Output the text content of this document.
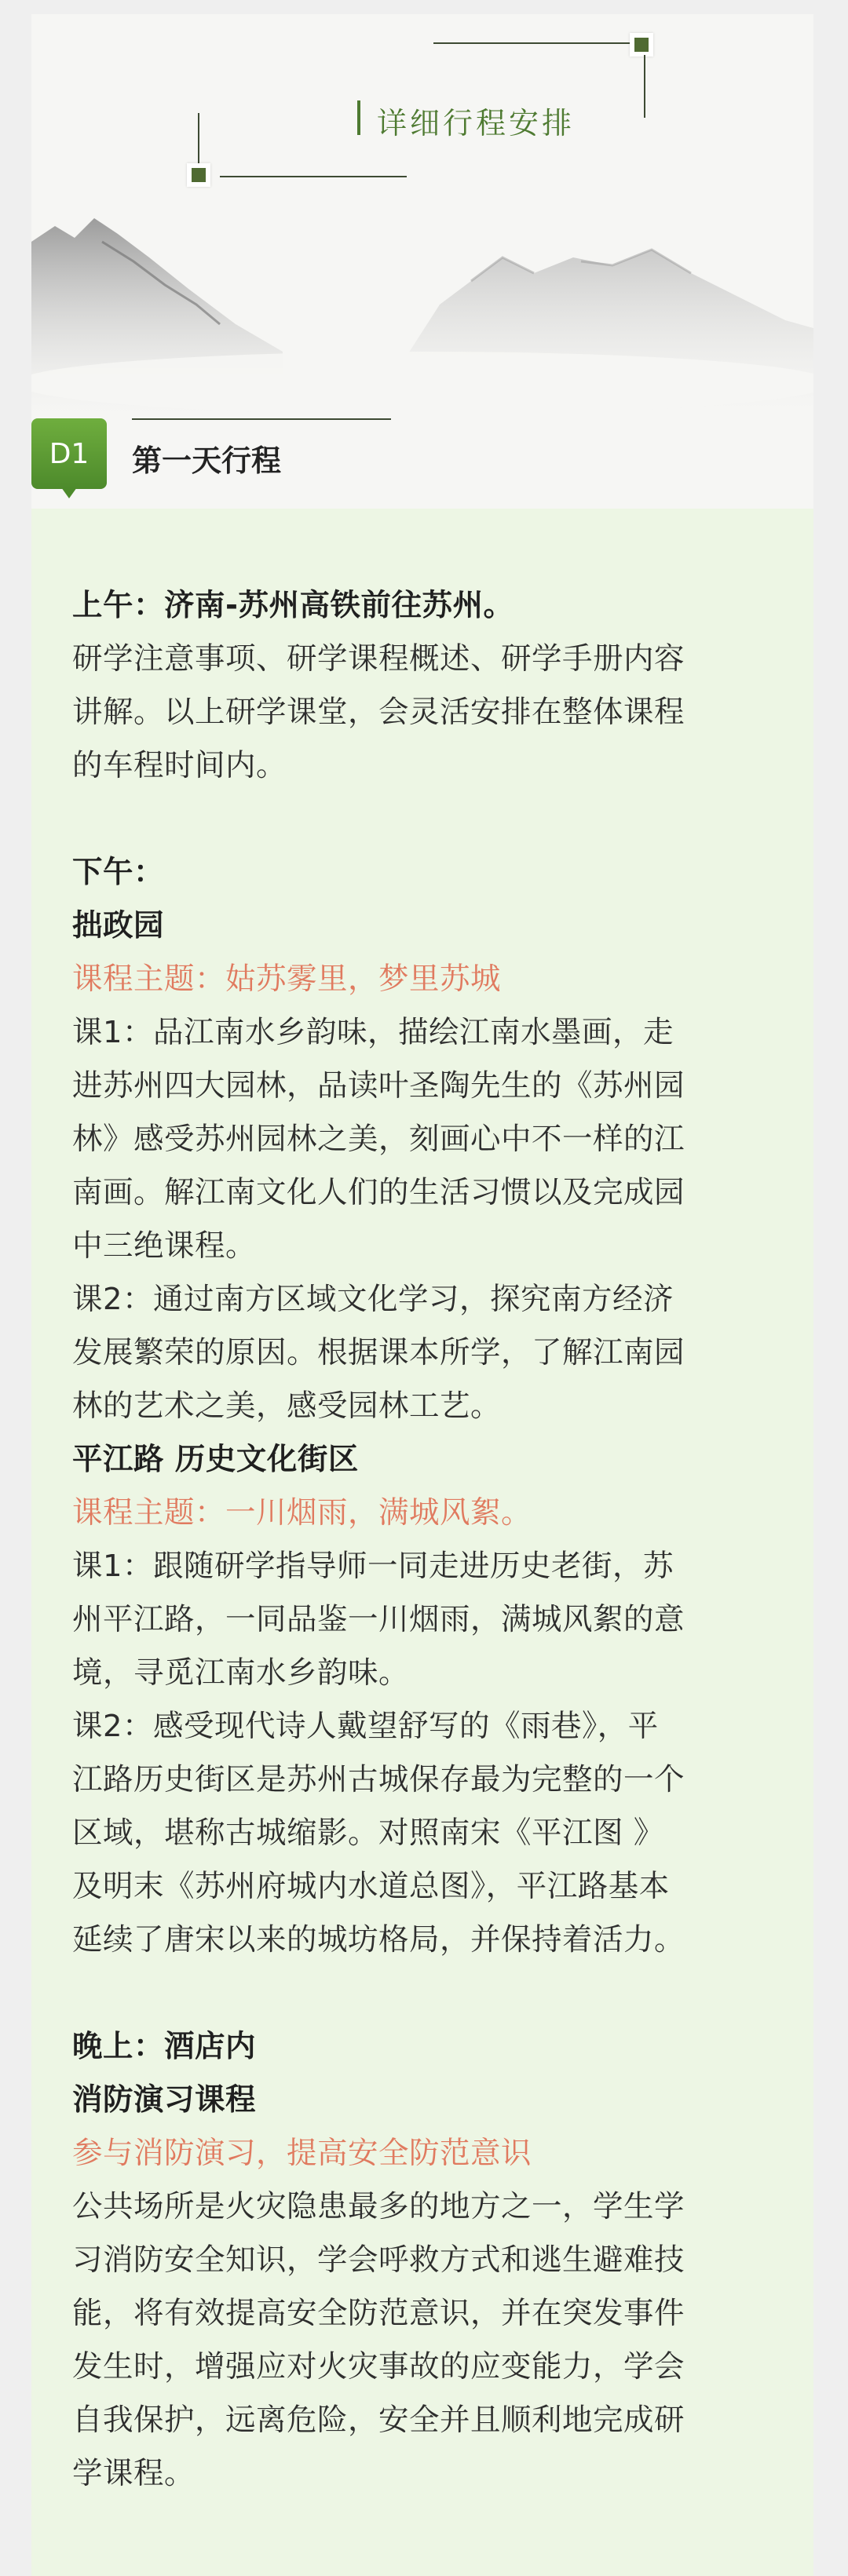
详细行程安排
D1	第一天行程

上午：济南-苏州高铁前往苏州。

研学注意事项、研学课程概述、研学手册内容

讲解。以上研学课堂，会灵活安排在整体课程

的车程时间内。

下午：

拙政园

课程主题：姑苏雾里，梦里苏城

课1：品江南水乡韵味，描绘江南水墨画，走

进苏州四大园林，品读叶圣陶先生的《苏州园

林》感受苏州园林之美，刻画心中不一样的江

南画。解江南文化人们的生活习惯以及完成园

中三绝课程。

课2：通过南方区域文化学习，探究南方经济

发展繁荣的原因。根据课本所学，了解江南园

林的艺术之美，感受园林工艺。

平江路 历史文化街区

课程主题：一川烟雨，满城风絮。

课1：跟随研学指导师一同走进历史老街，苏

州平江路，一同品鉴一川烟雨，满城风絮的意

境，寻觅江南水乡韵味。

课2：感受现代诗人戴望舒写的《雨巷》，平

江路历史街区是苏州古城保存最为完整的一个

区域，堪称古城缩影。对照南宋《平江图 》

及明末《苏州府城内水道总图》，平江路基本

延续了唐宋以来的城坊格局，并保持着活力。

晚上：酒店内

消防演习课程

参与消防演习，提高安全防范意识

公共场所是火灾隐患最多的地方之一，学生学

习消防安全知识，学会呼救方式和逃生避难技

能，将有效提高安全防范意识，并在突发事件

发生时，增强应对火灾事故的应变能力，学会

自我保护，远离危险，安全并且顺利地完成研

学课程。
